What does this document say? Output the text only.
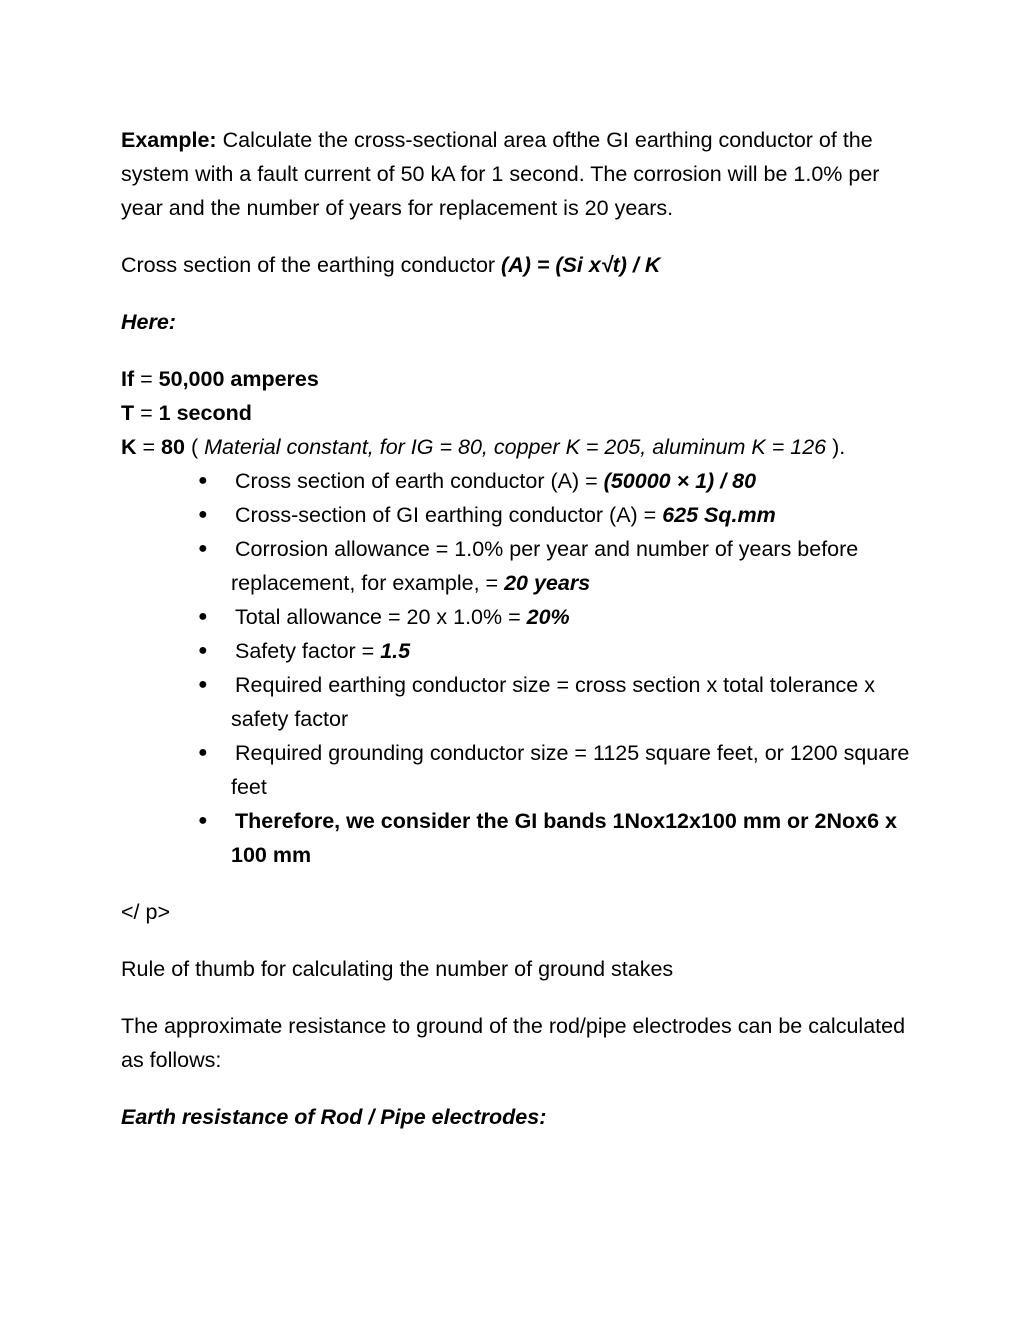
Example: Calculate the cross-sectional area ofthe GI earthing conductor of the system with a fault current of 50 kA for 1 second. The corrosion will be 1.0% per year and the number of years for replacement is 20 years.

Cross section of the earthing conductor (A) = (Si x√t) / K

Here:

If = 50,000 amperes

T = 1 second

K = 80 ( Material constant, for IG = 80, copper K = 205, aluminum K = 126 ).

● Cross section of earth conductor (A) = (50000 × 1) / 80
● Cross-section of GI earthing conductor (A) = 625 Sq.mm
● Corrosion allowance = 1.0% per year and number of years before replacement, for example, = 20 years
● Total allowance = 20 x 1.0% = 20%
● Safety factor = 1.5
● Required earthing conductor size = cross section x total tolerance x safety factor
● Required grounding conductor size = 1125 square feet, or 1200 square feet
● Therefore, we consider the GI bands 1Nox12x100 mm or 2Nox6 x 100 mm

</ p>

Rule of thumb for calculating the number of ground stakes

The approximate resistance to ground of the rod/pipe electrodes can be calculated as follows:

Earth resistance of Rod / Pipe electrodes:
